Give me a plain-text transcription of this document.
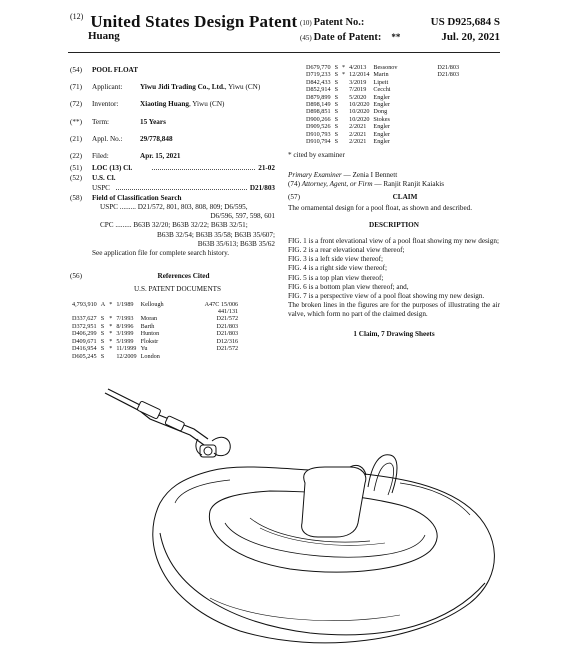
$^{(12)}$ United States Design Patent
Huang
(10) Patent No.:	US D925,684 S
(45) Date of Patent: **	Jul. 20, 2021
(54)	POOL FLOAT
(71)	Applicant:	Yiwu Jidi Trading Co., Ltd., Yiwu (CN)
(72)	Inventor:	Xiaoting Huang, Yiwu (CN)
(**)	Term:	15 Years
(21)	Appl. No.:	29/778,848
(22)	Filed:	Apr. 15, 2021
(51)	LOC (13) Cl.	21-02
(52)	U.S. Cl.
USPC	D21/803
(58)	Field of Classification Search
USPC ......... D21/572, 801, 803, 808, 809; D6/595,
D6/596, 597, 598, 601
CPC ......... B63B 32/20; B63B 32/22; B63B 32/51;
B63B 32/54; B63B 35/58; B63B 35/607;
B63B 35/613; B63B 35/62
See application file for complete search history.
(56)	References Cited
U.S. PATENT DOCUMENTS
4,793,910	A	*	1/1989	Kellough	A47C 15/006
					441/131
D337,627	S	*	7/1993	Moran	D21/572
D372,951	S	*	8/1996	Barth	D21/803
D406,299	S	*	3/1999	Hunton	D21/803
D409,671	S	*	5/1999	Flokstr	D12/316
D416,954	S	*	11/1999	Yu	D21/572
D605,245	S		12/2009	London	
D679,770	S	*	4/2013	Bessonov	D21/803
D719,233	S	*	12/2014	Marin	D21/803
D842,433	S		3/2019	Lipeit	
D852,914	S		7/2019	Cecchi	
D879,899	S		5/2020	Engler	
D898,149	S		10/2020	Engler	
D898,851	S		10/2020	Dong	
D900,266	S		10/2020	Stokes	
D909,526	S		2/2021	Engler	
D910,793	S		2/2021	Engler	
D910,794	S		2/2021	Engler	
* cited by examiner
Primary Examiner — Zenia I Bennett
(74) Attorney, Agent, or Firm — Ranjit Ranjit Kaiakis
(57)	CLAIM
The ornamental design for a pool float, as shown and described.
DESCRIPTION
FIG. 1 is a front elevational view of a pool float showing my new design;
FIG. 2 is a rear elevational view thereof;
FIG. 3 is a left side view thereof;
FIG. 4 is a right side view thereof;
FIG. 5 is a top plan view thereof;
FIG. 6 is a bottom plan view thereof; and,
FIG. 7 is a perspective view of a pool float showing my new design.
The broken lines in the figures are for the purposes of illustrating the air valve, which form no part of the claimed design.
1 Claim, 7 Drawing Sheets
